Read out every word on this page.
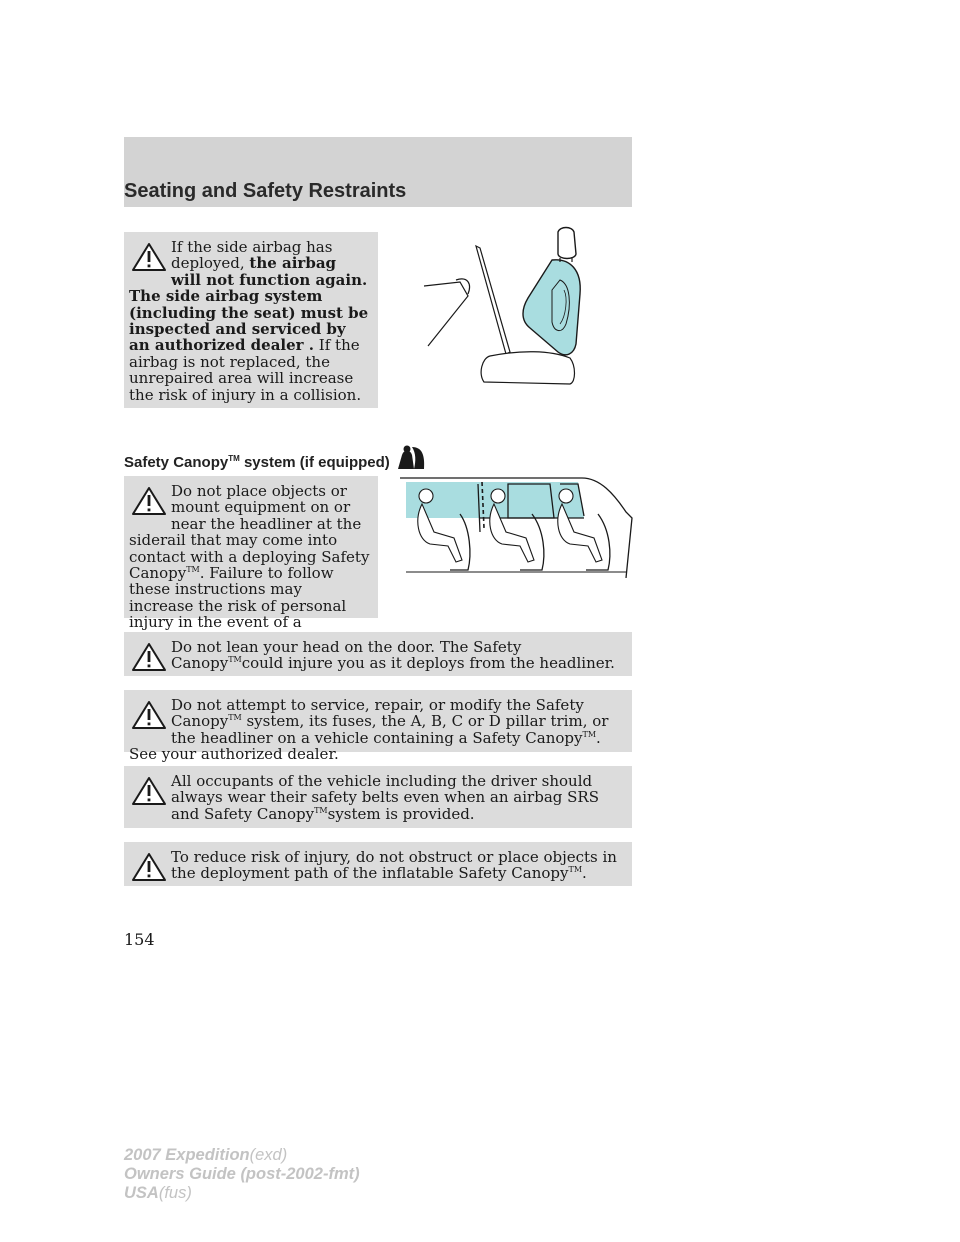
Seating and Safety Restraints

If the side airbag has deployed, the airbag will not function again. The side airbag system (including the seat) must be inspected and serviced by an authorized dealer . If the airbag is not replaced, the unrepaired area will increase the risk of injury in a collision.

Safety Canopy™ system (if equipped)

Do not place objects or mount equipment on or near the headliner at the siderail that may come into contact with a deploying Safety Canopy™. Failure to follow these instructions may increase the risk of personal injury in the event of a

Do not lean your head on the door. The Safety Canopy™could injure you as it deploys from the headliner.

Do not attempt to service, repair, or modify the Safety Canopy™ system, its fuses, the A, B, C or D pillar trim, or the headliner on a vehicle containing a Safety Canopy™. See your authorized dealer.

All occupants of the vehicle including the driver should always wear their safety belts even when an airbag SRS and Safety Canopy™system is provided.

To reduce risk of injury, do not obstruct or place objects in the deployment path of the inflatable Safety Canopy™.

154
2007 Expedition(exd)
Owners Guide (post-2002-fmt)
USA(fus)
